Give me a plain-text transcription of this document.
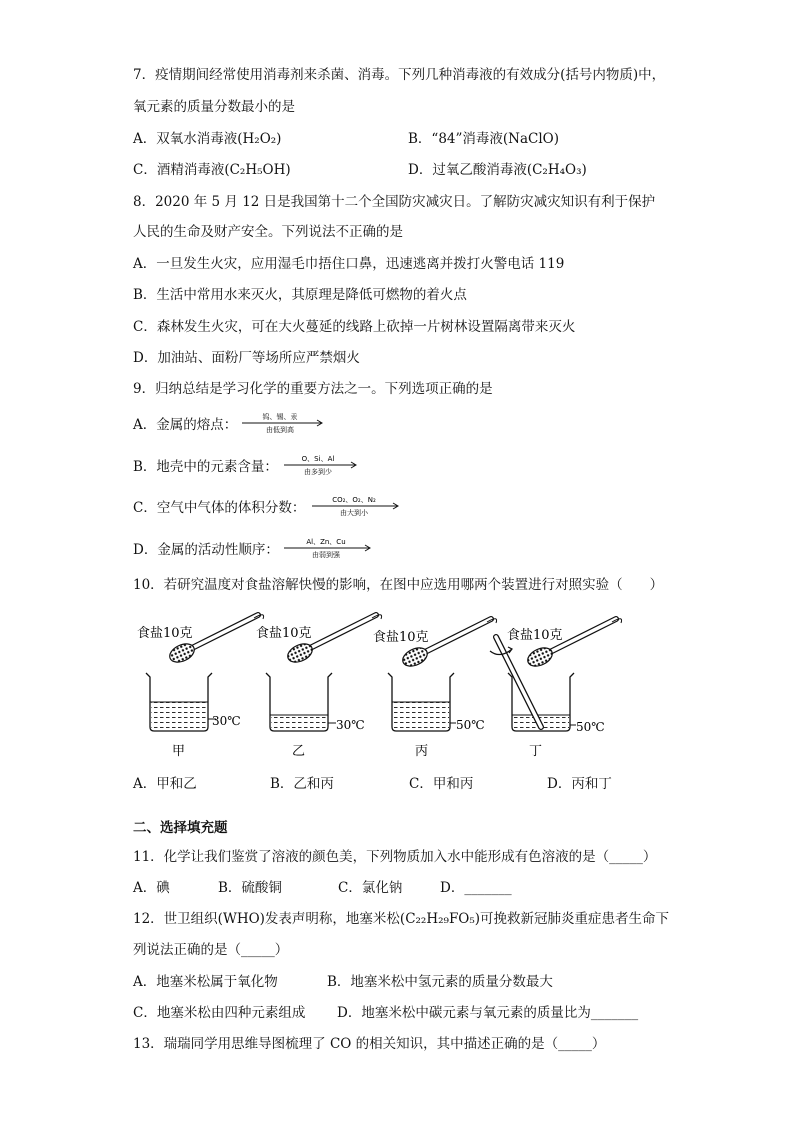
7．疫情期间经常使用消毒剂来杀菌、消毒。下列几种消毒液的有效成分(括号内物质)中，
氧元素的质量分数最小的是
A．双氧水消毒液(H₂O₂)	B．“84”消毒液(NaClO)
C．酒精消毒液(C₂H₅OH)	D．过氧乙酸消毒液(C₂H₄O₃)
8．2020 年 5 月 12 日是我国第十二个全国防灾减灾日。了解防灾减灾知识有利于保护
人民的生命及财产安全。下列说法不正确的是
A．一旦发生火灾，应用湿毛巾捂住口鼻，迅速逃离并拨打火警电话 119
B．生活中常用水来灭火，其原理是降低可燃物的着火点
C．森林发生火灾，可在大火蔓延的线路上砍掉一片树林设置隔离带来灭火
D．加油站、面粉厂等场所应严禁烟火
9．归纳总结是学习化学的重要方法之一。下列选项正确的是
A．金属的熔点：	钨、锡、汞
由低到高
B．地壳中的元素含量：	O、Si、Al
由多到少
C．空气中气体的体积分数：	CO₂、O₂、N₂
由大到小
D．金属的活动性顺序：	Al、Zn、Cu
由弱到强
10．若研究温度对食盐溶解快慢的影响，在图中应选用哪两个装置进行对照实验（　　）
食盐10克
30℃
甲
食盐10克
30℃
乙
食盐10克
50℃
丙
食盐10克
50℃
丁
A．甲和乙	B．乙和丙	C．甲和丙	D．丙和丁
二、选择填充题
11．化学让我们鉴赏了溶液的颜色美，下列物质加入水中能形成有色溶液的是（_____）
A．碘	B．硫酸铜	C．氯化钠	D．_______
12．世卫组织(WHO)发表声明称，地塞米松(C₂₂H₂₉FO₅)可挽救新冠肺炎重症患者生命下
列说法正确的是（_____）
A．地塞米松属于氧化物	B．地塞米松中氢元素的质量分数最大
C．地塞米松由四种元素组成 D．地塞米松中碳元素与氧元素的质量比为_______
13．瑞瑞同学用思维导图梳理了 CO 的相关知识，其中描述正确的是（_____）
